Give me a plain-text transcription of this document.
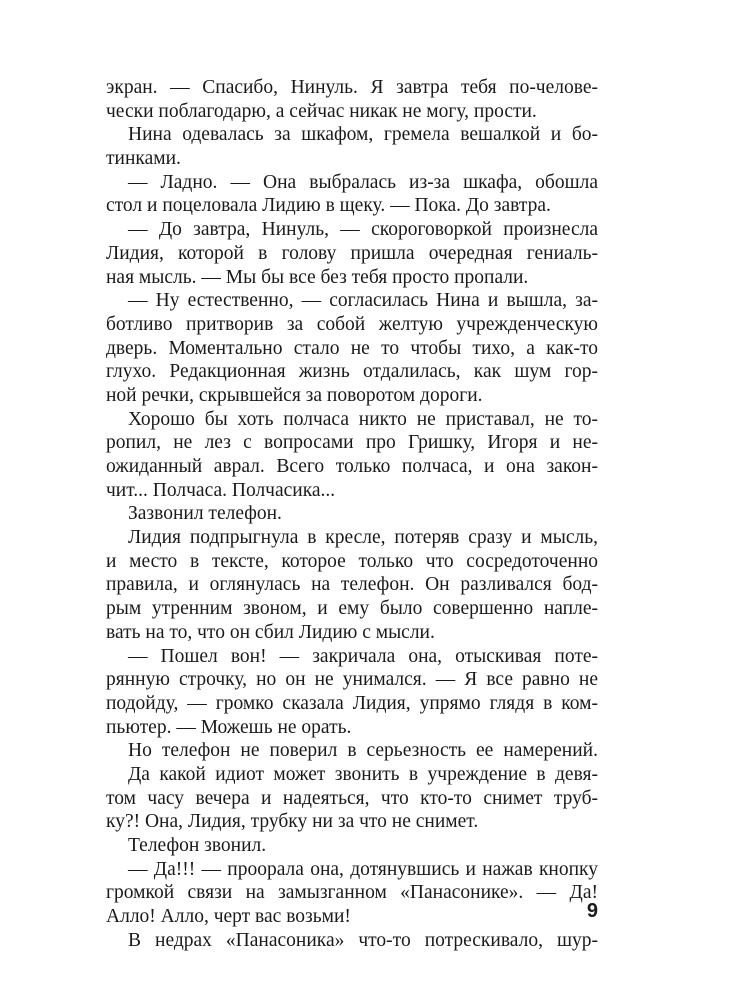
экран. — Спасибо, Нинуль. Я завтра тебя по-челове-
чески поблагодарю, а сейчас никак не могу, прости.
Нина одевалась за шкафом, гремела вешалкой и бо-
тинками.
— Ладно. — Она выбралась из-за шкафа, обошла
стол и поцеловала Лидию в щеку. — Пока. До завтра.
— До завтра, Нинуль, — скороговоркой произнесла
Лидия, которой в голову пришла очередная гениаль-
ная мысль. — Мы бы все без тебя просто пропали.
— Ну естественно, — согласилась Нина и вышла, за-
ботливо притворив за собой желтую учрежденческую
дверь. Моментально стало не то чтобы тихо, а как-то
глухо. Редакционная жизнь отдалилась, как шум гор-
ной речки, скрывшейся за поворотом дороги.
Хорошо бы хоть полчаса никто не приставал, не то-
ропил, не лез с вопросами про Гришку, Игоря и не-
ожиданный аврал. Всего только полчаса, и она закон-
чит... Полчаса. Полчасика...
Зазвонил телефон.
Лидия подпрыгнула в кресле, потеряв сразу и мысль,
и место в тексте, которое только что сосредоточенно
правила, и оглянулась на телефон. Он разливался бод-
рым утренним звоном, и ему было совершенно напле-
вать на то, что он сбил Лидию с мысли.
— Пошел вон! — закричала она, отыскивая поте-
рянную строчку, но он не унимался. — Я все равно не
подойду, — громко сказала Лидия, упрямо глядя в ком-
пьютер. — Можешь не орать.
Но телефон не поверил в серьезность ее намерений.
Да какой идиот может звонить в учреждение в девя-
том часу вечера и надеяться, что кто-то снимет труб-
ку?! Она, Лидия, трубку ни за что не снимет.
Телефон звонил.
— Да!!! — проорала она, дотянувшись и нажав кнопку
громкой связи на замызганном «Панасонике». — Да!
Алло! Алло, черт вас возьми!
В недрах «Панасоника» что-то потрескивало, шур-
9
